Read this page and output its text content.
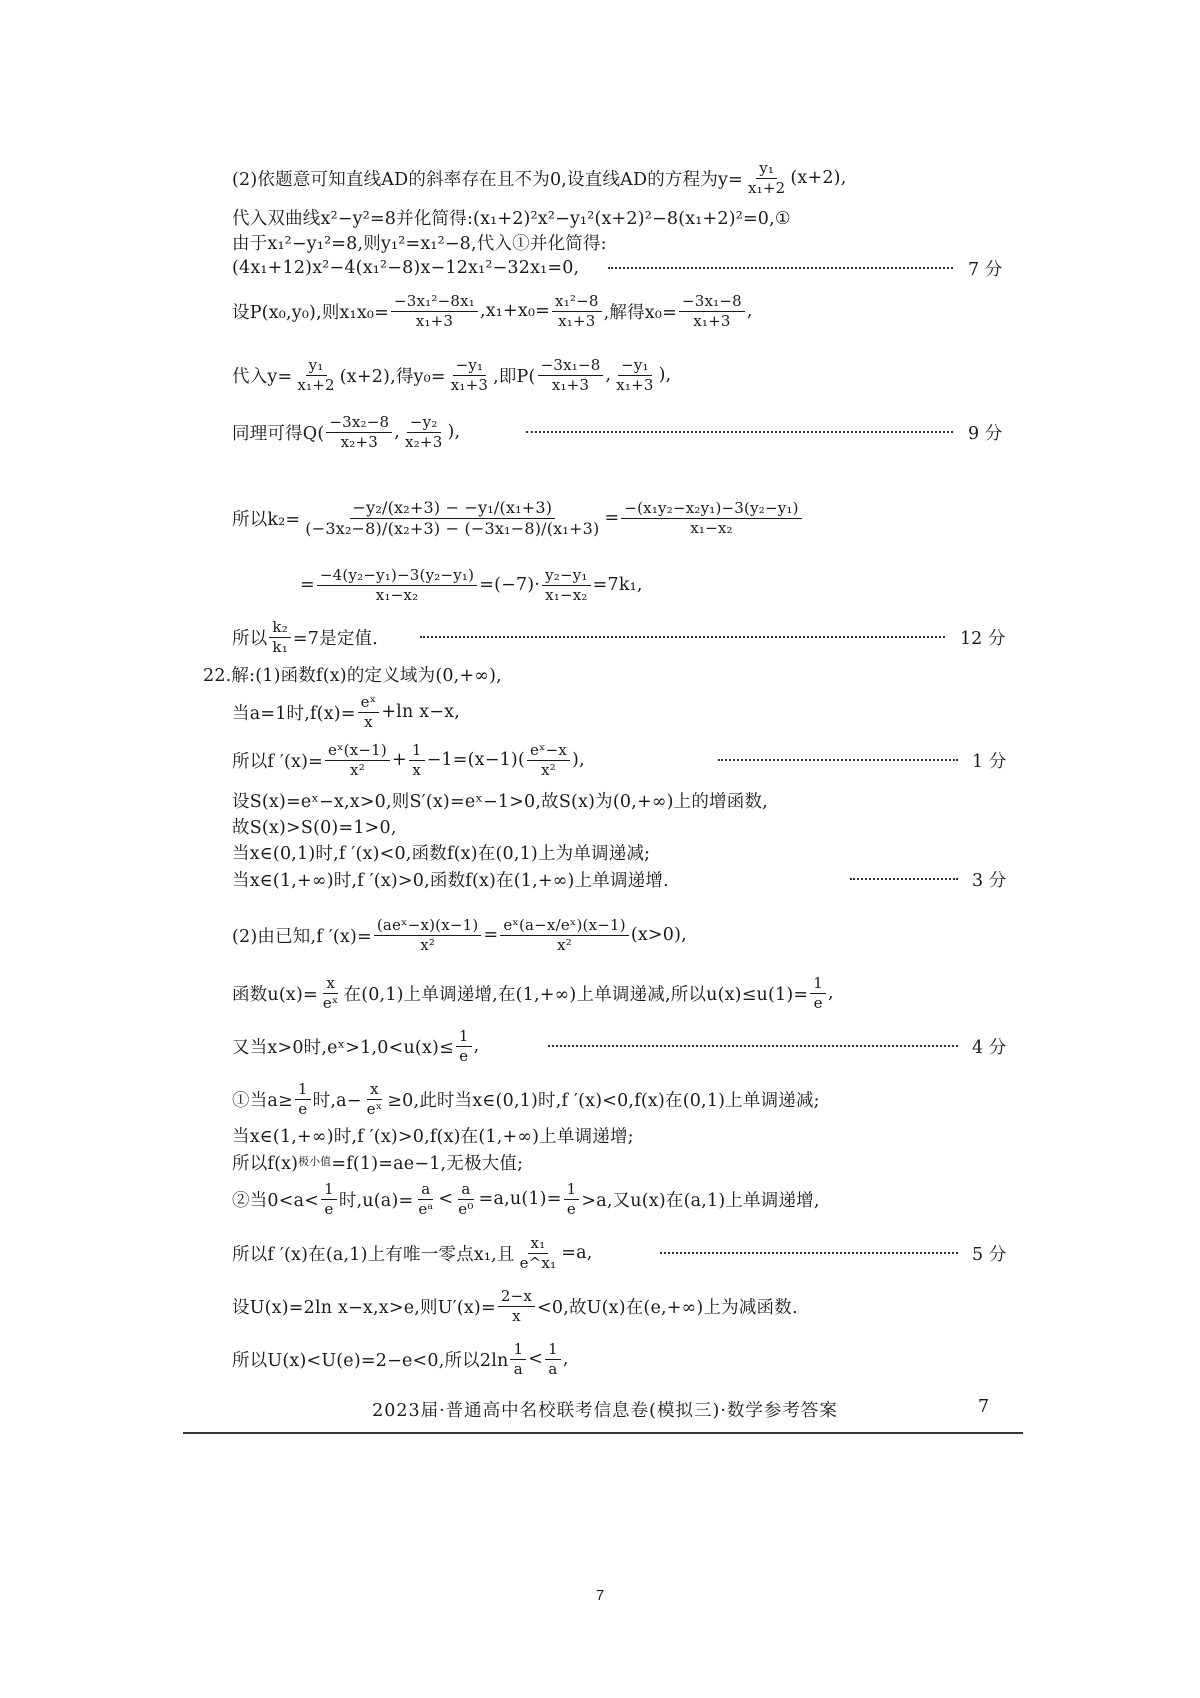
(2)依题意可知直线AD的斜率存在且不为0,设直线AD的方程为$y= \frac{\text{y₁}}{\text{x₁+2}} (x+2)$,
代入双曲线x²−y²=8并化简得:(x₁+2)²x²−y₁²(x+2)²−8(x₁+2)²=0,①
由于x₁²−y₁²=8,则y₁²=x₁²−8,代入①并化简得:
(4x₁+12)x²−4(x₁²−8)x−12x₁²−32x₁=0,	7 分
设P(x₀,y₀),则$x_1x_0= \frac{\text{−3x₁²−8x₁}}{\text{x₁+3}} ,x_1+x_0= \frac{\text{x₁²−8}}{\text{x₁+3}}$ ,解得$x_0= \frac{\text{−3x₁−8}}{\text{x₁+3}}$ ,
代入$y= \frac{\text{y₁}}{\text{x₁+2}} (x+2)$,得$y_0= \frac{\text{−y₁}}{\text{x₁+3}}$ ,即P(
−3x₁−8
x₁+3 ,
−y₁
x₁+3 ),
同理可得Q(
−3x₂−8
x₂+3 ,
−y₂
x₂+3 ),	9 分
所以$k_2= \frac{\text{−y₂/(x₂+3) − −y₁/(x₁+3)}}{\text{(−3x₂−8)/(x₂+3) − (−3x₁−8)/(x₁+3)}} = \frac{\text{−(x₁y₂−x₂y₁)−3(y₂−y₁)}}{\text{x₁−x₂}}$
= $\frac{\text{−4(y₂−y₁)−3(y₂−y₁)}}{\text{x₁−x₂}} =(-7)\cdot \frac{\text{y₂−y₁}}{\text{x₁−x₂}} =7k_1$,
所以 $\frac{\text{k₂}}{\text{k₁}} =7$是定值.	12 分
22.解:(1)函数f(x)的定义域为(0,+∞),
当a=1时$,f(x)= \frac{\text{eˣ}}{x} +\ln$ x−x,
所以f $'(x)= \frac{\text{eˣ(x−1)}}{\text{x²}} + \frac{1}{x} -1=(x-1)$(
eˣ−x
x² ),	1 分
设S(x)=eˣ−x,x>0,则S′(x)=eˣ−1>0,故S(x)为(0,+∞)上的增函数,
故S(x)>S(0)=1>0,
当x∈(0,1)时,f ′(x)<0,函数f(x)在(0,1)上为单调递减;
当x∈(1,+∞)时,f ′(x)>0,函数f(x)在(1,+∞)上单调递增.	3 分
(2)由已知,f ′(x)=
(aeˣ−x)(x−1)
x²	= $\frac{\text{eˣ(a−x/eˣ)(x−1)}}{\text{x²}} (x>0)$,
函数$u(x)= \frac{x}{\text{eˣ}}$ 在(0,1)上单调递增,在(1,+∞)上单调递减,所以$u(x)\le u(1)= \frac{1}{e}$ ,
又当x>0时,eˣ>1,0<u(x)≤ $\frac{1}{e}$ ,	4 分
①当$a\ge \frac{1}{e}$ 时$,a- \frac{x}{\text{eˣ}} \ge 0$,此时当x∈(0,1)时,f ′(x)<0,f(x)在(0,1)上单调递减;
当x∈(1,+∞)时,f ′(x)>0,f(x)在(1,+∞)上单调递增;
所以f(x) 极小值 =f(1)=ae−1,无极大值;
②当0<a<
1
e 时$,u(a)= \frac{a}{\text{eᵃ}} < \frac{a}{\text{e⁰}} =a,u(1)= \frac{1}{e} >a$,又u(x)在(a,1)上单调递增,
所以f ′(x)在(a,1)上有唯一零点x₁,且 $\frac{\text{x₁}}{\text{e\textasciicircum{}x₁}} =a$,	5 分
设U(x)=2ln x−x,x>e,则$U'(x)= \frac{2-x}{x} <0$,故U(x)在(e,+∞)上为减函数.
所以U(x)<U(e)=2−e<0,所以2ln
1
a <
1
a ,
2023届·普通高中名校联考信息卷(模拟三)·数学参考答案	7
7
